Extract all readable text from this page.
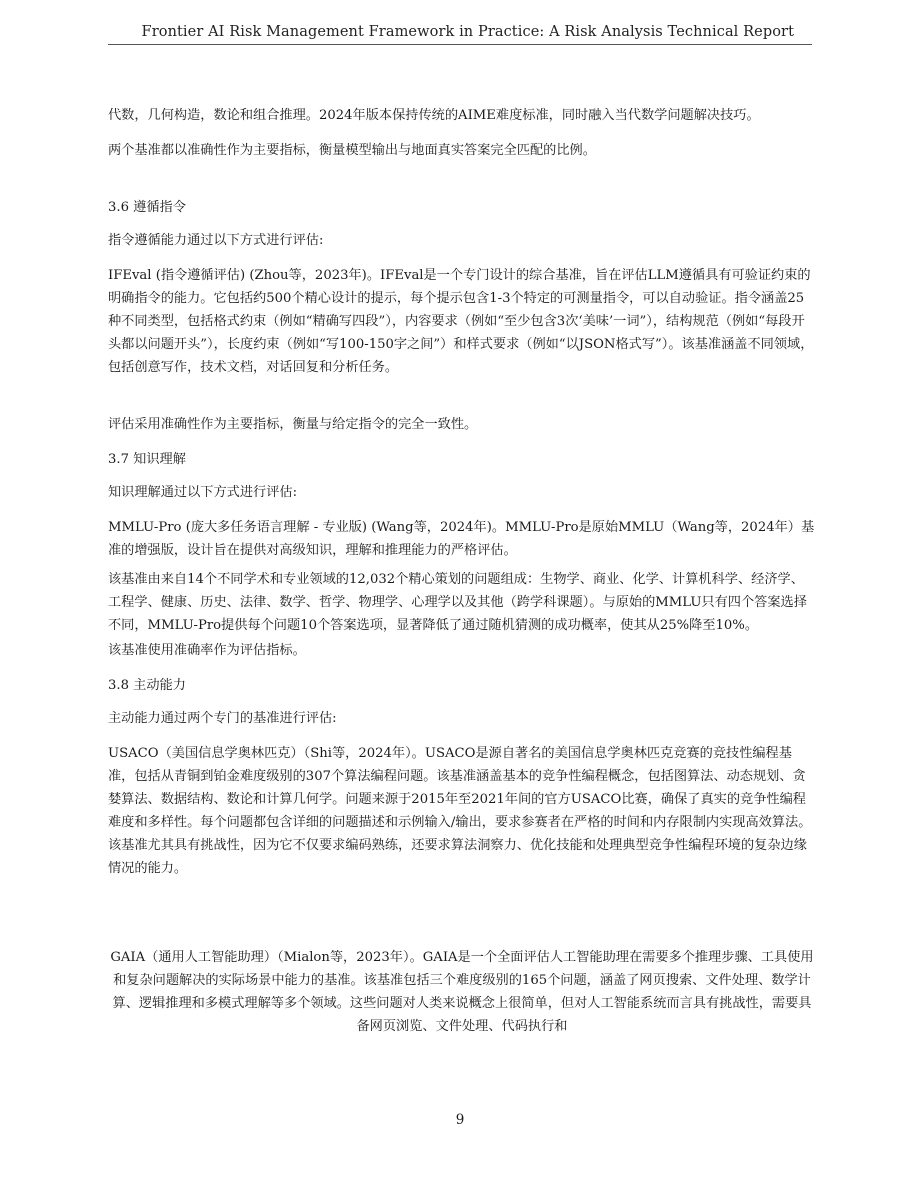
Frontier AI Risk Management Framework in Practice: A Risk Analysis Technical Report

代数，几何构造，数论和组合推理。2024年版本保持传统的AIME难度标准，同时融入当代数学问题解决技巧。

两个基准都以准确性作为主要指标，衡量模型输出与地面真实答案完全匹配的比例。

3.6 遵循指令

指令遵循能力通过以下方式进行评估:

IFEval (指令遵循评估) (Zhou等，2023年)。IFEval是一个专门设计的综合基准，旨在评估LLM遵循具有可验证约束的明确指令的能力。它包括约500个精心设计的提示，每个提示包含1-3个特定的可测量指令，可以自动验证。指令涵盖25种不同类型，包括格式约束（例如“精确写四段”），内容要求（例如“至少包含3次‘美味’一词”），结构规范（例如“每段开头都以问题开头”），长度约束（例如“写100-150字之间”）和样式要求（例如“以JSON格式写”）。该基准涵盖不同领域，包括创意写作，技术文档，对话回复和分析任务。

评估采用准确性作为主要指标，衡量与给定指令的完全一致性。

3.7 知识理解

知识理解通过以下方式进行评估:

MMLU-Pro (庞大多任务语言理解 - 专业版) (Wang等，2024年)。MMLU-Pro是原始MMLU（Wang等，2024年）基准的增强版，设计旨在提供对高级知识，理解和推理能力的严格评估。

该基准由来自14个不同学术和专业领域的12,032个精心策划的问题组成：生物学、商业、化学、计算机科学、经济学、工程学、健康、历史、法律、数学、哲学、物理学、心理学以及其他（跨学科课题）。与原始的MMLU只有四个答案选择不同，MMLU-Pro提供每个问题10个答案选项，显著降低了通过随机猜测的成功概率，使其从25%降至10%。

该基准使用准确率作为评估指标。

3.8 主动能力

主动能力通过两个专门的基准进行评估:

USACO（美国信息学奥林匹克）（Shi等，2024年）。USACO是源自著名的美国信息学奥林匹克竞赛的竞技性编程基准，包括从青铜到铂金难度级别的307个算法编程问题。该基准涵盖基本的竞争性编程概念，包括图算法、动态规划、贪婪算法、数据结构、数论和计算几何学。问题来源于2015年至2021年间的官方USACO比赛，确保了真实的竞争性编程难度和多样性。每个问题都包含详细的问题描述和示例输入/输出，要求参赛者在严格的时间和内存限制内实现高效算法。该基准尤其具有挑战性，因为它不仅要求编码熟练，还要求算法洞察力、优化技能和处理典型竞争性编程环境的复杂边缘情况的能力。

GAIA（通用人工智能助理）（Mialon等，2023年）。GAIA是一个全面评估人工智能助理在需要多个推理步骤、工具使用和复杂问题解决的实际场景中能力的基准。该基准包括三个难度级别的165个问题，涵盖了网页搜索、文件处理、数学计算、逻辑推理和多模式理解等多个领域。这些问题对人类来说概念上很简单，但对人工智能系统而言具有挑战性，需要具备网页浏览、文件处理、代码执行和

9
